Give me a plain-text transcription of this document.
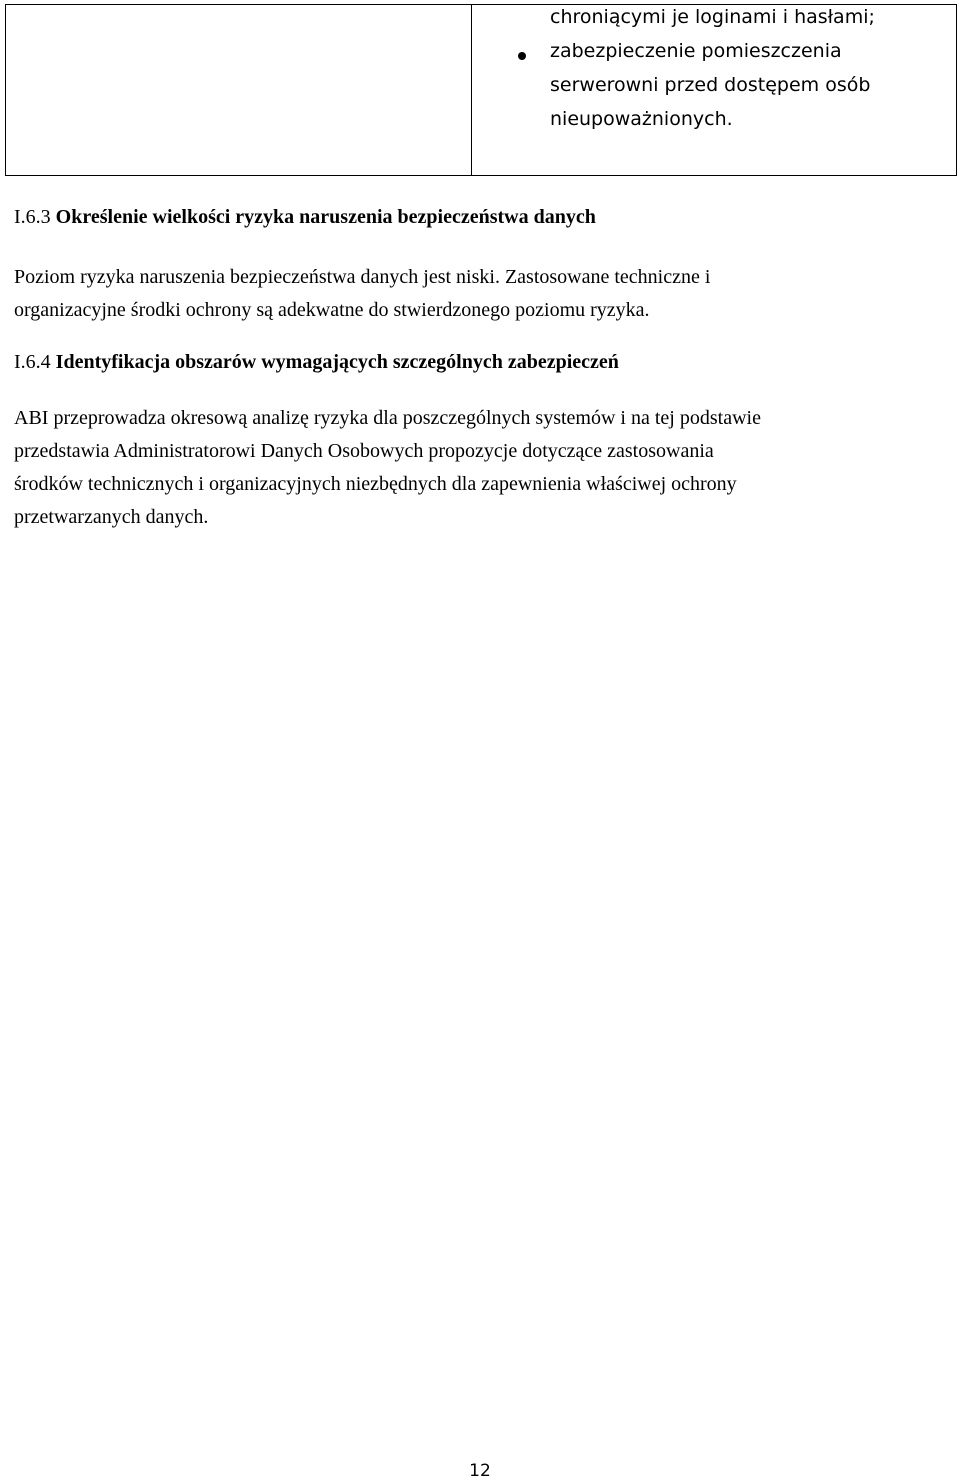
chroniącymi je loginami i hasłami;
zabezpieczenie pomieszczenia
serwerowni przed dostępem osób
nieupoważnionych.
I.6.3 Określenie wielkości ryzyka naruszenia bezpieczeństwa danych

Poziom ryzyka naruszenia bezpieczeństwa danych jest niski. Zastosowane techniczne i
organizacyjne środki ochrony są adekwatne do stwierdzonego poziomu ryzyka.

I.6.4 Identyfikacja obszarów wymagających szczególnych zabezpieczeń

ABI przeprowadza okresową analizę ryzyka dla poszczególnych systemów i na tej podstawie
przedstawia Administratorowi Danych Osobowych propozycje dotyczące zastosowania
środków technicznych i organizacyjnych niezbędnych dla zapewnienia właściwej ochrony
przetwarzanych danych.

12
